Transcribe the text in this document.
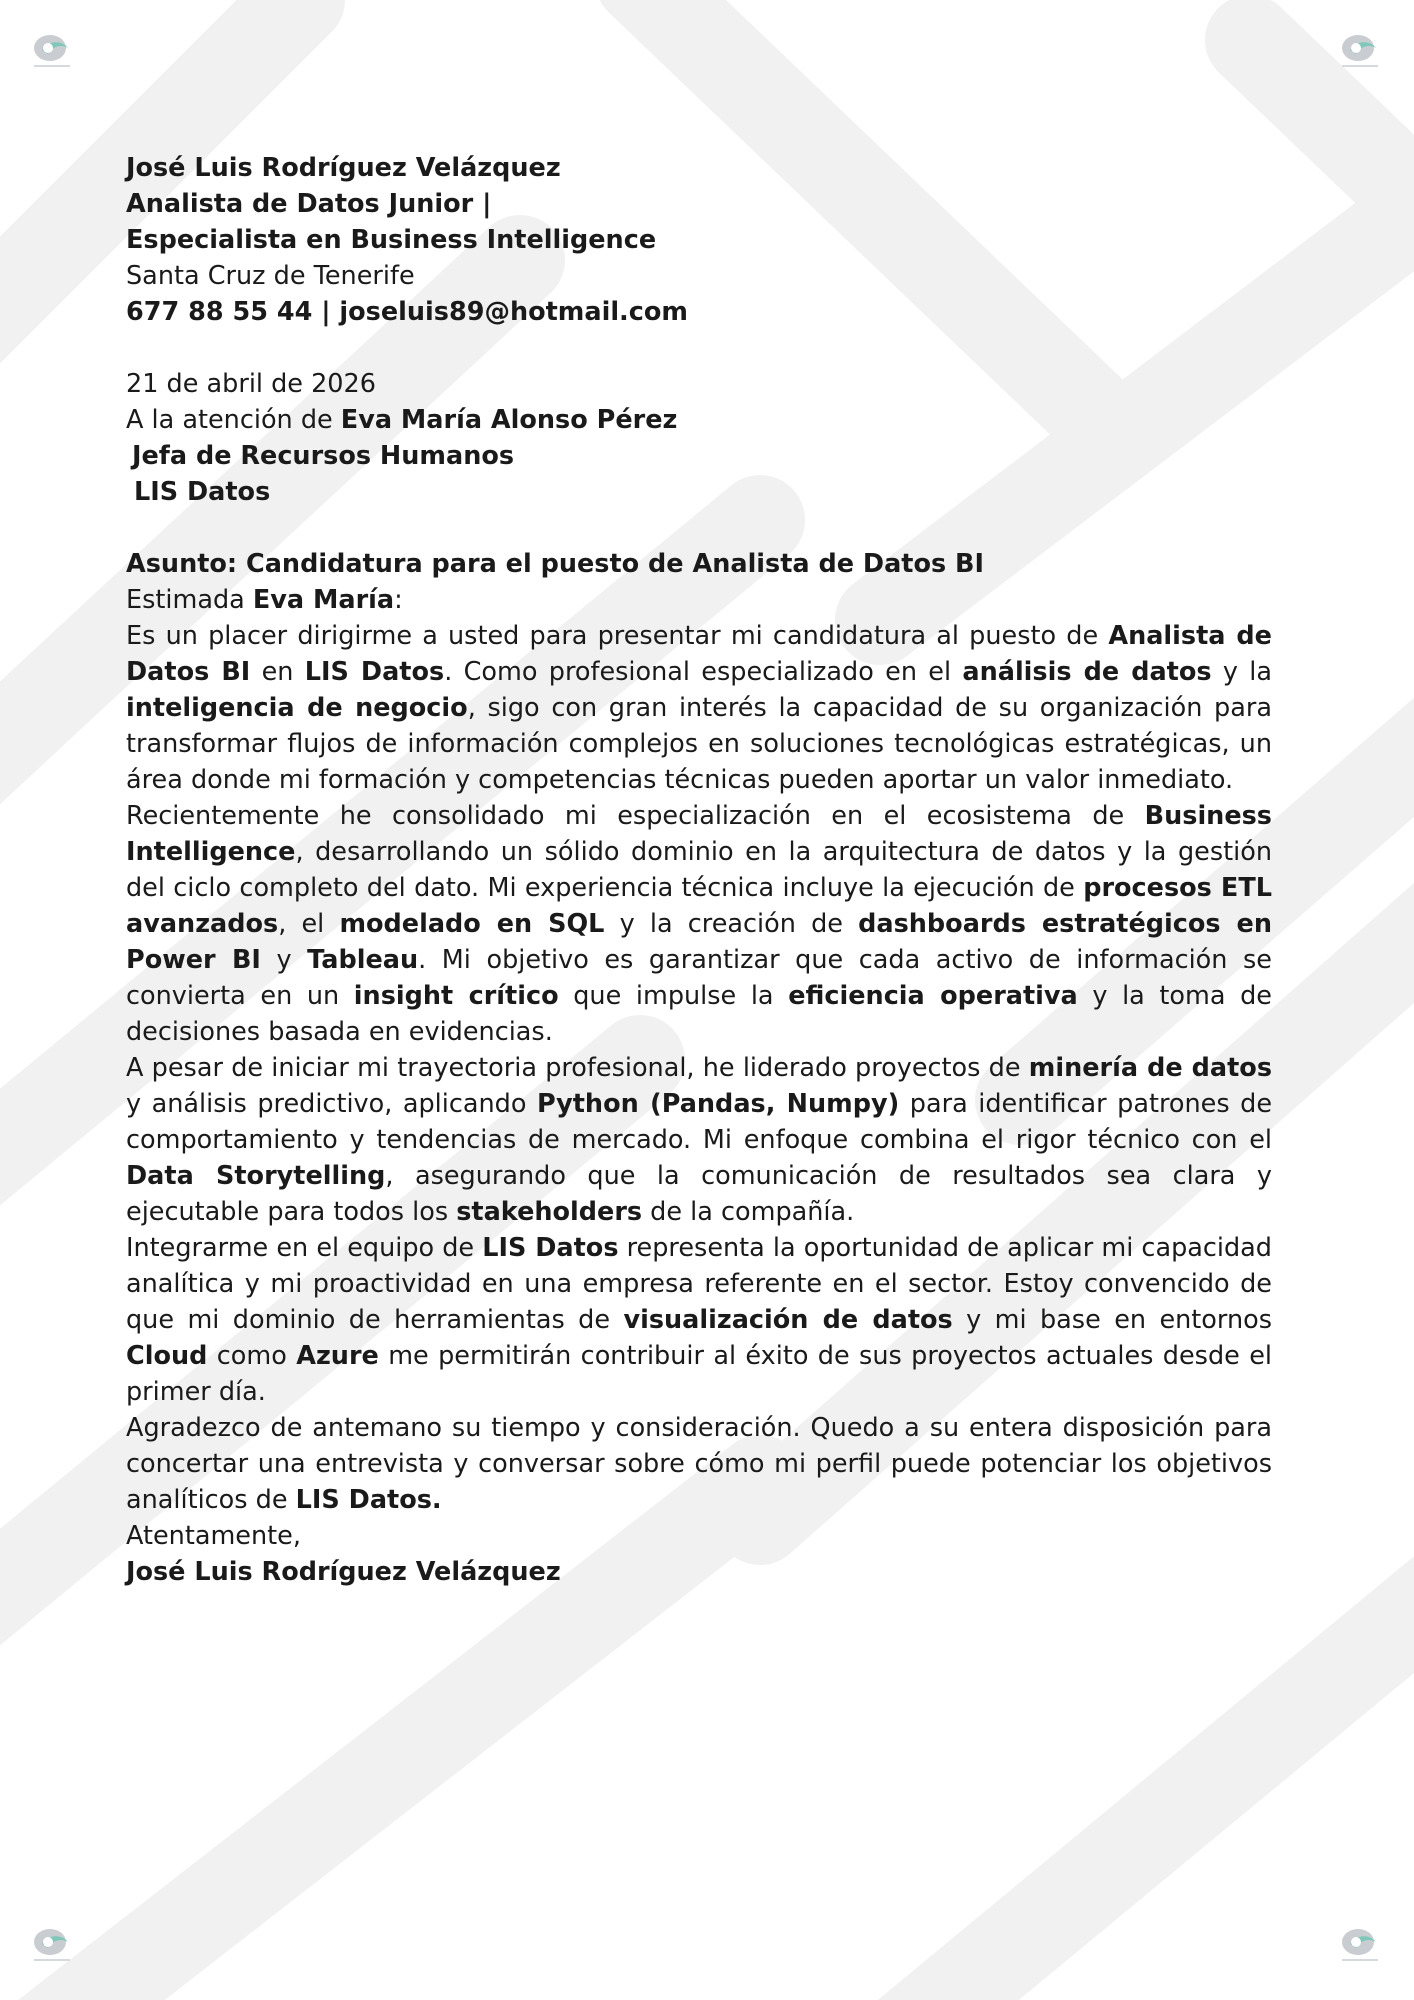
José Luis Rodríguez Velázquez

Analista de Datos Junior |

Especialista en Business Intelligence

Santa Cruz de Tenerife

677 88 55 44 | joseluis89@hotmail.com

21 de abril de 2026

A la atención de Eva María Alonso Pérez

Jefa de Recursos Humanos

LIS Datos

Asunto: Candidatura para el puesto de Analista de Datos BI

Estimada Eva María:

Es un placer dirigirme a usted para presentar mi candidatura al puesto de Analista de Datos BI en LIS Datos. Como profesional especializado en el análisis de datos y la inteligencia de negocio, sigo con gran interés la capacidad de su organización para transformar flujos de información complejos en soluciones tecnológicas estratégicas, un área donde mi formación y competencias técnicas pueden aportar un valor inmediato.

Recientemente he consolidado mi especialización en el ecosistema de Business Intelligence, desarrollando un sólido dominio en la arquitectura de datos y la gestión del ciclo completo del dato. Mi experiencia técnica incluye la ejecución de procesos ETL avanzados, el modelado en SQL y la creación de dashboards estratégicos en Power BI y Tableau. Mi objetivo es garantizar que cada activo de información se convierta en un insight crítico que impulse la eficiencia operativa y la toma de decisiones basada en evidencias.

A pesar de iniciar mi trayectoria profesional, he liderado proyectos de minería de datos y análisis predictivo, aplicando Python (Pandas, Numpy) para identificar patrones de comportamiento y tendencias de mercado. Mi enfoque combina el rigor técnico con el Data Storytelling, asegurando que la comunicación de resultados sea clara y ejecutable para todos los stakeholders de la compañía.

Integrarme en el equipo de LIS Datos representa la oportunidad de aplicar mi capacidad analítica y mi proactividad en una empresa referente en el sector. Estoy convencido de que mi dominio de herramientas de visualización de datos y mi base en entornos Cloud como Azure me permitirán contribuir al éxito de sus proyectos actuales desde el primer día.

Agradezco de antemano su tiempo y consideración. Quedo a su entera disposición para concertar una entrevista y conversar sobre cómo mi perfil puede potenciar los objetivos analíticos de LIS Datos.

Atentamente,

José Luis Rodríguez Velázquez
